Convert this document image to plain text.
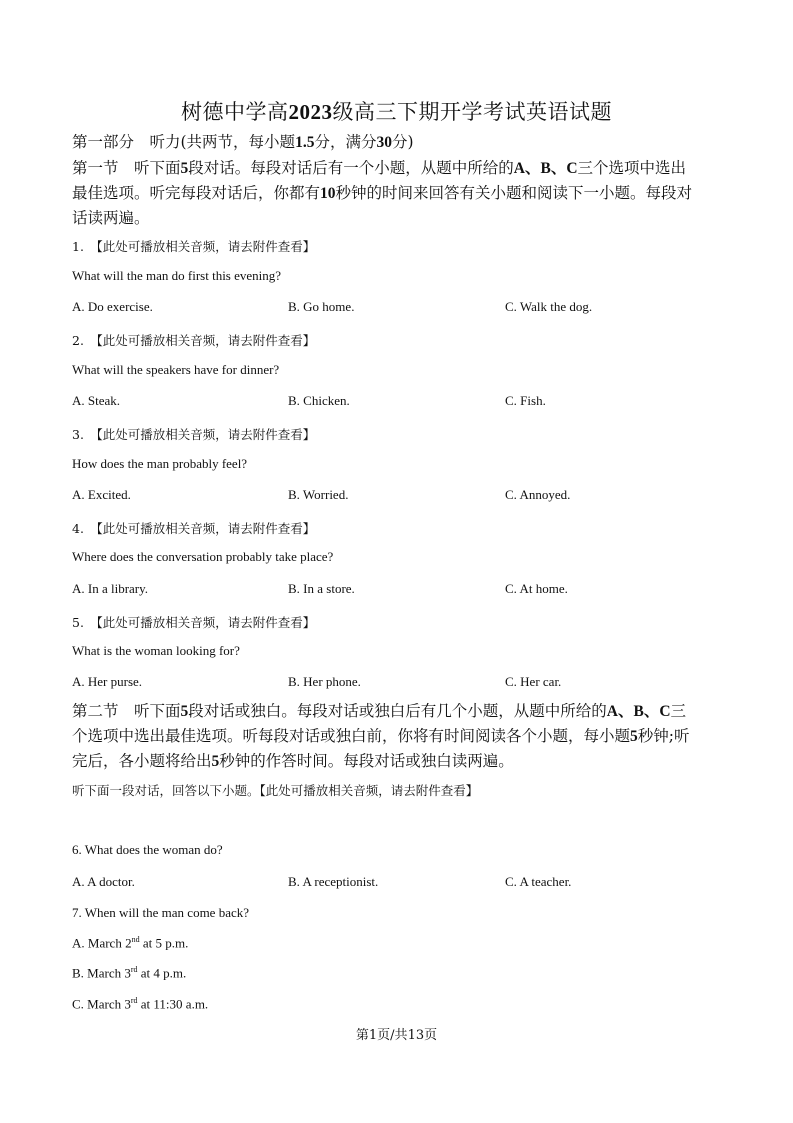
树德中学高2023级高三下期开学考试英语试题
第一部分　听力(共两节，每小题1.5分，满分30分)
第一节　听下面5段对话。每段对话后有一个小题，从题中所给的A、B、C三个选项中选出
最佳选项。听完每段对话后，你都有10秒钟的时间来回答有关小题和阅读下一小题。每段对
话读两遍。
1.　 【此处可播放相关音频，请去附件查看】
What will the man do first this evening?
A. Do exercise.	B. Go home.	C. Walk the dog.
2.　 【此处可播放相关音频，请去附件查看】
What will the speakers have for dinner?
A. Steak.	B. Chicken.	C. Fish.
3.　 【此处可播放相关音频，请去附件查看】
How does the man probably feel?
A. Excited.	B. Worried.	C. Annoyed.
4.　 【此处可播放相关音频，请去附件查看】
Where does the conversation probably take place?
A. In a library.	B. In a store.	C. At home.
5.　 【此处可播放相关音频，请去附件查看】
What is the woman looking for?
A. Her purse.	B. Her phone.	C. Her car.
第二节　听下面5段对话或独白。每段对话或独白后有几个小题，从题中所给的A、B、C三
个选项中选出最佳选项。听每段对话或独白前，你将有时间阅读各个小题，每小题5秒钟;听
完后，各小题将给出5秒钟的作答时间。每段对话或独白读两遍。
听下面一段对话，回答以下小题。【此处可播放相关音频，请去附件查看】
6. What does the woman do?
A. A doctor.	B. A receptionist.	C. A teacher.
7. When will the man come back?
A. March 2nd at 5 p.m.
B. March 3rd at 4 p.m.
C. March 3rd at 11:30 a.m.
第1页/共13页
